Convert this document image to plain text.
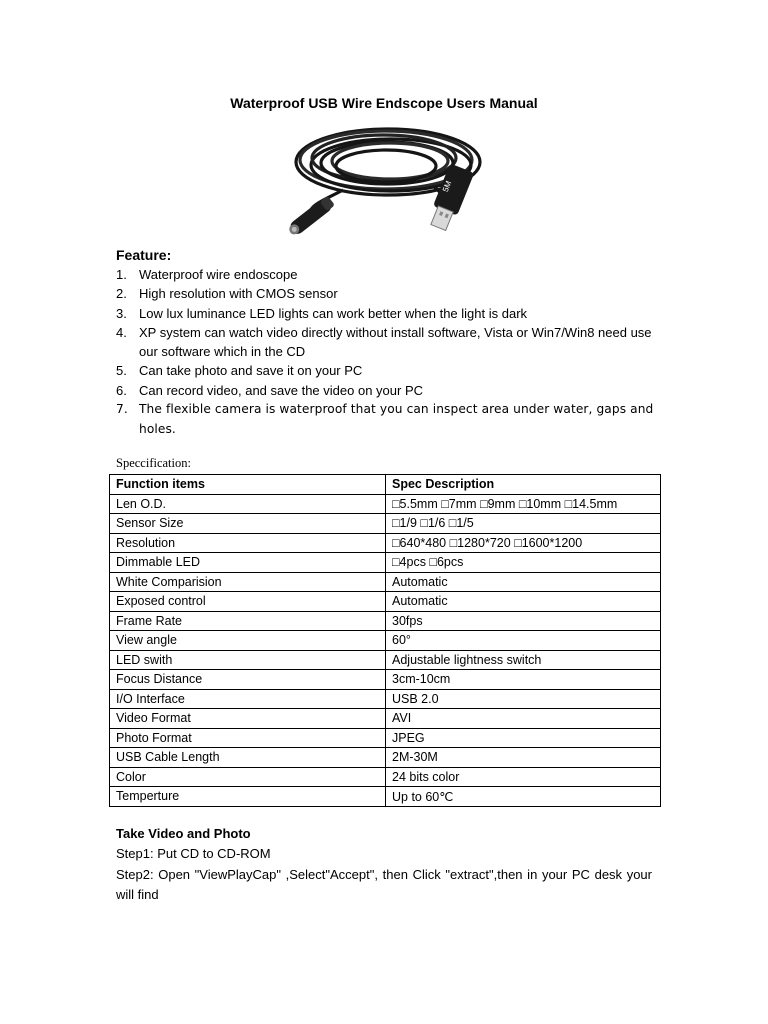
Waterproof USB Wire Endscope Users Manual
5M
Feature:
1. Waterproof wire endoscope
2. High resolution with CMOS sensor
3. Low lux luminance LED lights can work better when the light is dark
4. XP system can watch video directly without install software, Vista or Win7/Win8 need use our software which in the CD
5. Can take photo and save it on your PC
6. Can record video, and save the video on your PC
7. The flexible camera is waterproof that you can inspect area under water, gaps and holes.
Speccification:
Function items	Spec Description
Len O.D.	□5.5mm □7mm □9mm □10mm □14.5mm
Sensor Size	□1/9 □1/6 □1/5
Resolution	□640*480 □1280*720 □1600*1200
Dimmable LED	□4pcs □6pcs
White Comparision	Automatic
Exposed control	Automatic
Frame Rate	30fps
View angle	60°
LED swith	Adjustable lightness switch
Focus Distance	3cm-10cm
I/O Interface	USB 2.0
Video Format	AVI
Photo Format	JPEG
USB Cable Length	2M-30M
Color	24 bits color
Temperture	Up to 60℃
Take Video and Photo
Step1: Put CD to CD-ROM
Step2: Open "ViewPlayCap" ,Select"Accept", then Click "extract",then in your PC desk your will find
